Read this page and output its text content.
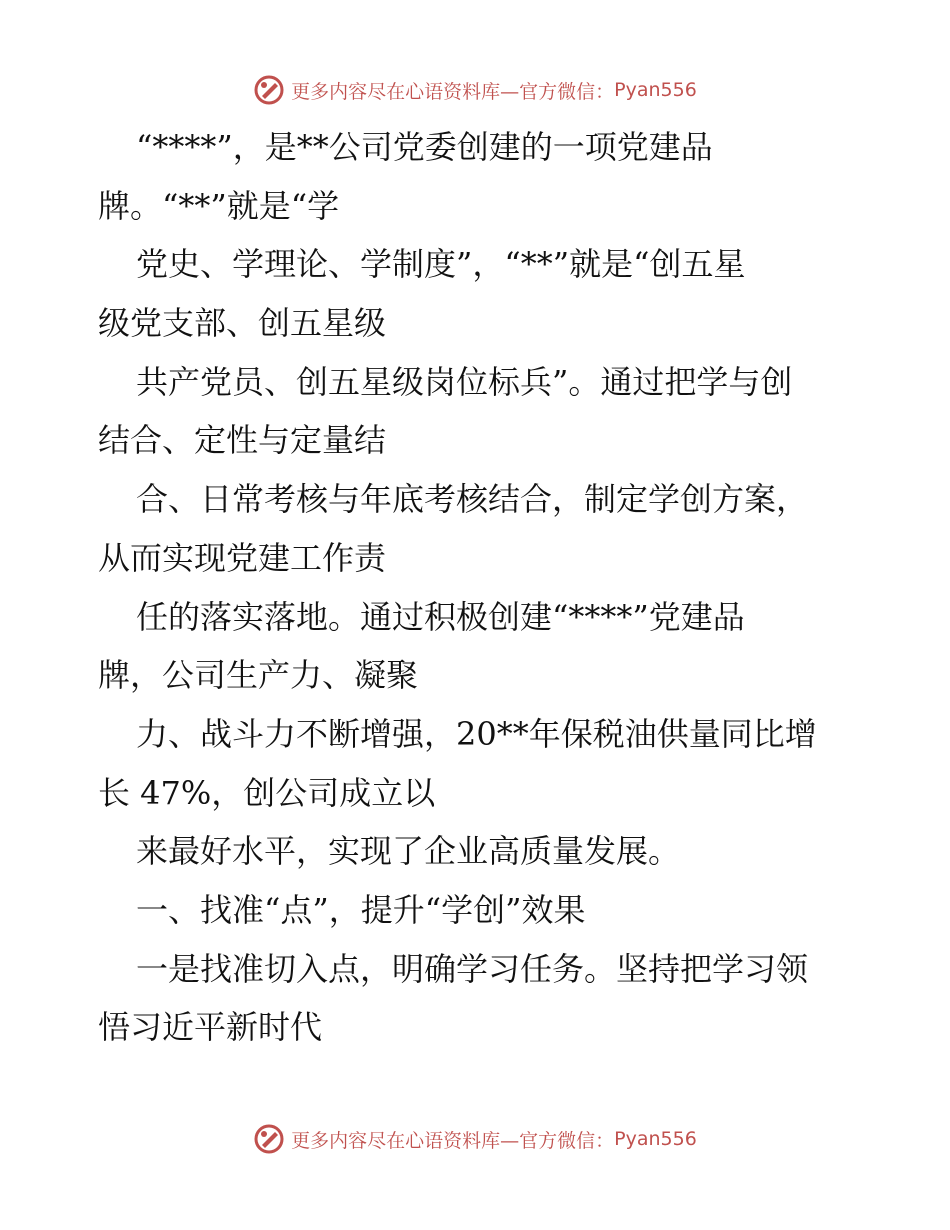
更多内容尽在心语资料库—官方微信： Pyan556
“****”，是**公司党委创建的一项党建品
牌。“**”就是“学
党史、学理论、学制度”，“**”就是“创五星
级党支部、创五星级
共产党员、创五星级岗位标兵”。通过把学与创
结合、定性与定量结
合、日常考核与年底考核结合，制定学创方案，
从而实现党建工作责
任的落实落地。通过积极创建“****”党建品
牌，公司生产力、凝聚
力、战斗力不断增强，20**年保税油供量同比增
长 47%，创公司成立以
来最好水平，实现了企业高质量发展。
一、找准“点”，提升“学创”效果
一是找准切入点，明确学习任务。坚持把学习领
悟习近平新时代
更多内容尽在心语资料库—官方微信： Pyan556
